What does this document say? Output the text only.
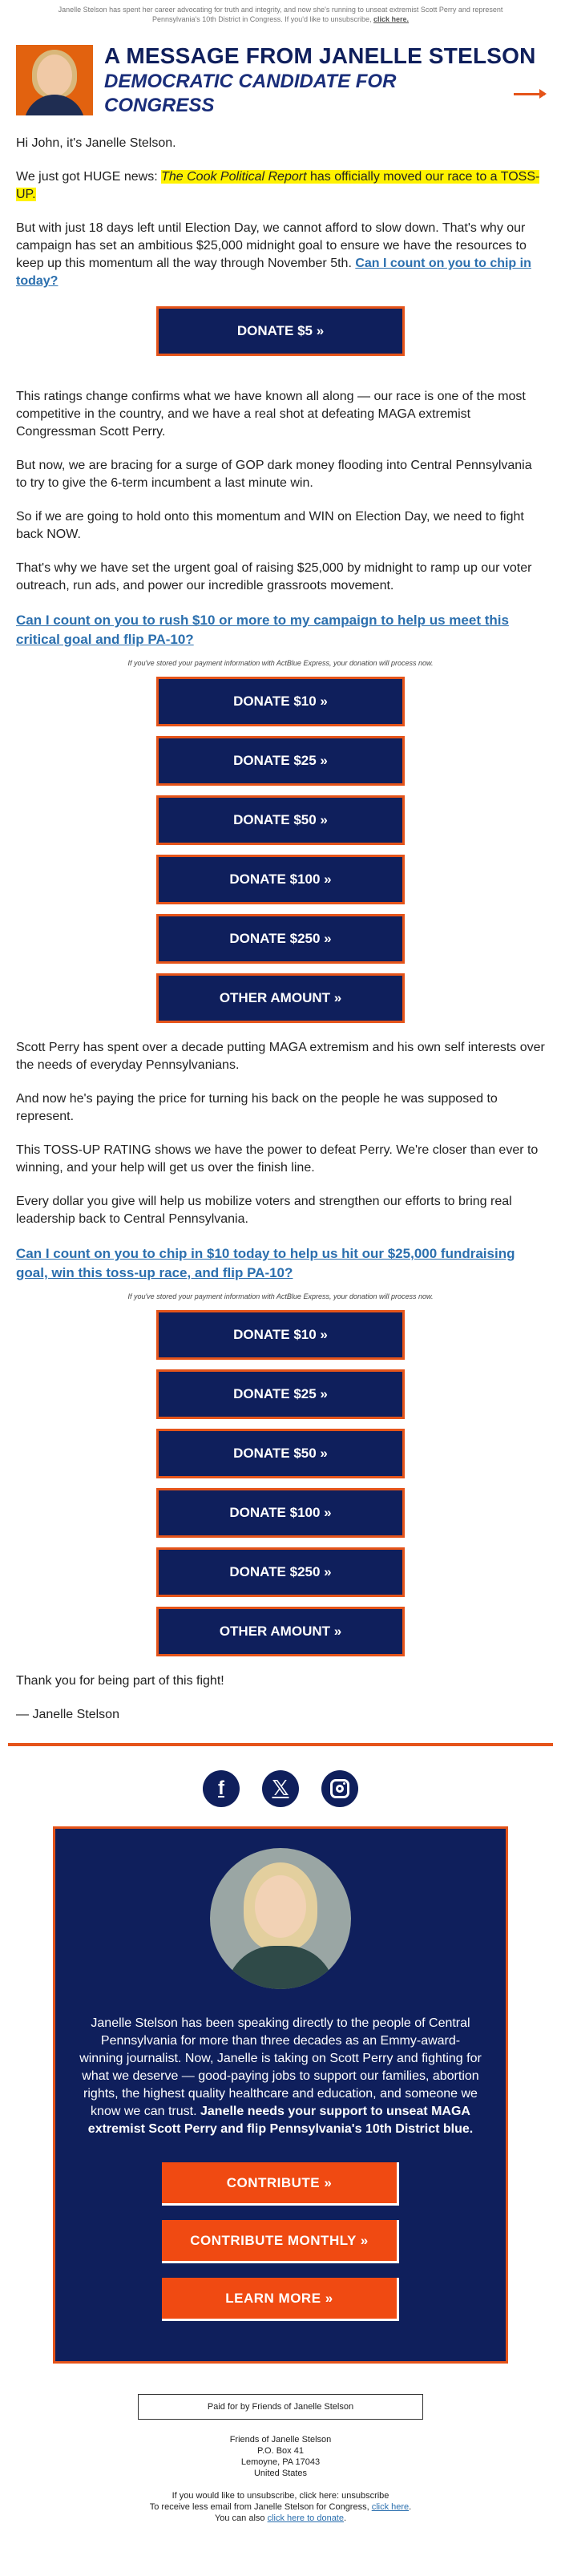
Janelle Stelson has spent her career advocating for truth and integrity, and now she's running to unseat extremist Scott Perry and represent Pennsylvania's 10th District in Congress. If you'd like to unsubscribe, click here.
A MESSAGE FROM JANELLE STELSON
DEMOCRATIC CANDIDATE FOR CONGRESS

Hi John, it's Janelle Stelson.

We just got HUGE news: The Cook Political Report has officially moved our race to a TOSS-UP.

But with just 18 days left until Election Day, we cannot afford to slow down. That's why our campaign has set an ambitious $25,000 midnight goal to ensure we have the resources to keep up this momentum all the way through November 5th. Can I count on you to chip in today?

DONATE $5 »

This ratings change confirms what we have known all along — our race is one of the most competitive in the country, and we have a real shot at defeating MAGA extremist Congressman Scott Perry.

But now, we are bracing for a surge of GOP dark money flooding into Central Pennsylvania to try to give the 6-term incumbent a last minute win.

So if we are going to hold onto this momentum and WIN on Election Day, we need to fight back NOW.

That's why we have set the urgent goal of raising $25,000 by midnight to ramp up our voter outreach, run ads, and power our incredible grassroots movement.

Can I count on you to rush $10 or more to my campaign to help us meet this critical goal and flip PA-10?

If you've stored your payment information with ActBlue Express, your donation will process now.
DONATE $10 »
DONATE $25 »
DONATE $50 »
DONATE $100 »
DONATE $250 »
OTHER AMOUNT »

Scott Perry has spent over a decade putting MAGA extremism and his own self interests over the needs of everyday Pennsylvanians.

And now he's paying the price for turning his back on the people he was supposed to represent.

This TOSS-UP RATING shows we have the power to defeat Perry. We're closer than ever to winning, and your help will get us over the finish line.

Every dollar you give will help us mobilize voters and strengthen our efforts to bring real leadership back to Central Pennsylvania.

Can I count on you to chip in $10 today to help us hit our $25,000 fundraising goal, win this toss-up race, and flip PA-10?

If you've stored your payment information with ActBlue Express, your donation will process now.
DONATE $10 »
DONATE $25 »
DONATE $50 »
DONATE $100 »
DONATE $250 »
OTHER AMOUNT »

Thank you for being part of this fight!

— Janelle Stelson

f	𝕏
Janelle Stelson has been speaking directly to the people of Central Pennsylvania for more than three decades as an Emmy-award-winning journalist. Now, Janelle is taking on Scott Perry and fighting for what we deserve — good-paying jobs to support our families, abortion rights, the highest quality healthcare and education, and someone we know we can trust. Janelle needs your support to unseat MAGA extremist Scott Perry and flip Pennsylvania's 10th District blue.
CONTRIBUTE »
CONTRIBUTE MONTHLY »
LEARN MORE »
Paid for by Friends of Janelle Stelson
Friends of Janelle Stelson
P.O. Box 41
Lemoyne, PA 17043
United States
If you would like to unsubscribe, click here: unsubscribe
To receive less email from Janelle Stelson for Congress, click here.
You can also click here to donate.
